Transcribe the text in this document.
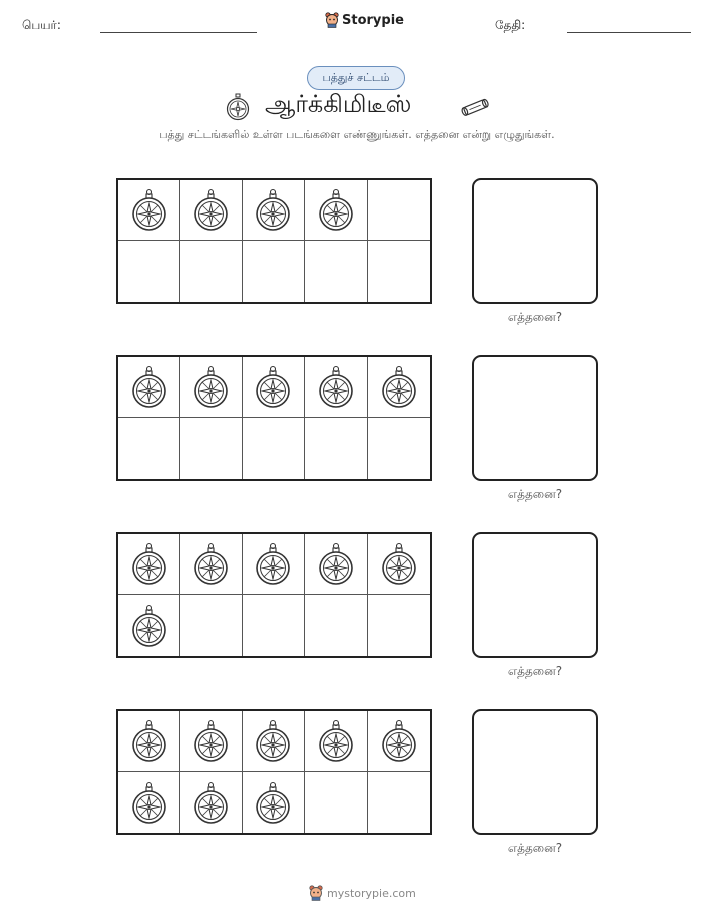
பெயர்:	Storypie	தேதி:
பத்துச் சட்டம்
ஆர்க்கிமிடீஸ்
பத்து சட்டங்களில் உள்ள படங்களை எண்ணுங்கள். எத்தனை என்று எழுதுங்கள்.
எத்தனை?
எத்தனை?
எத்தனை?
எத்தனை?
mystorypie.com
